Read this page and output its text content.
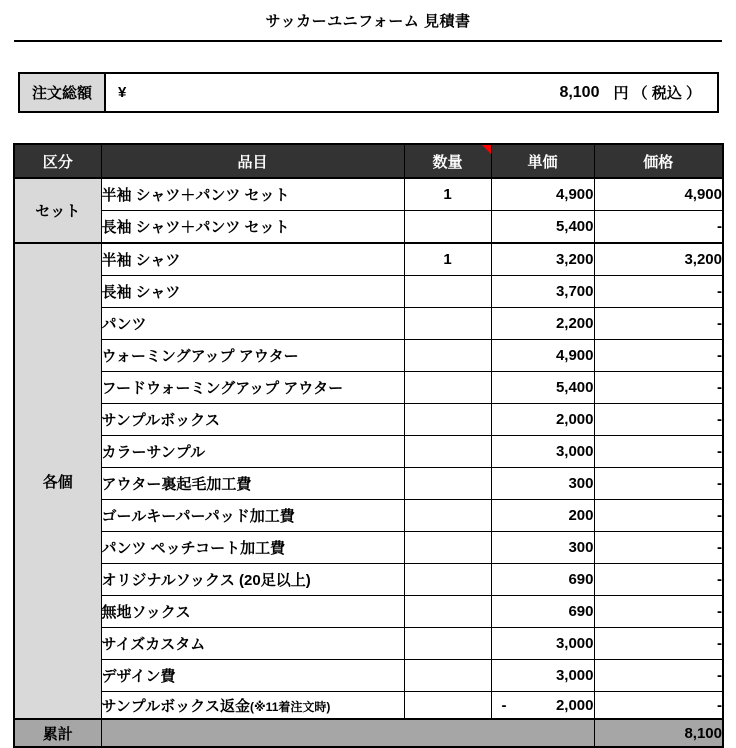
サッカーユニフォーム 見積書
注文総額	¥	8,100 円 （ 税込 ）
区分	品目	数量	単価	価格
セット	半袖 シャツ＋パンツ セット	1	4,900	4,900
	長袖 シャツ＋パンツ セット		5,400	-
各個	半袖 シャツ	1	3,200	3,200
	長袖 シャツ		3,700	-
	パンツ		2,200	-
	ウォーミングアップ アウター		4,900	-
	フードウォーミングアップ アウター		5,400	-
	サンプルボックス		2,000	-
	カラーサンプル		3,000	-
	アウター裏起毛加工費		300	-
	ゴールキーパーパッド加工費		200	-
	パンツ ペッチコート加工費		300	-
	オリジナルソックス (20足以上)		690	-
	無地ソックス		690	-
	サイズカスタム		3,000	-
	デザイン費		3,000	-
	サンプルボックス返金(※11着注文時)		- 2,000	-
累計				8,100
